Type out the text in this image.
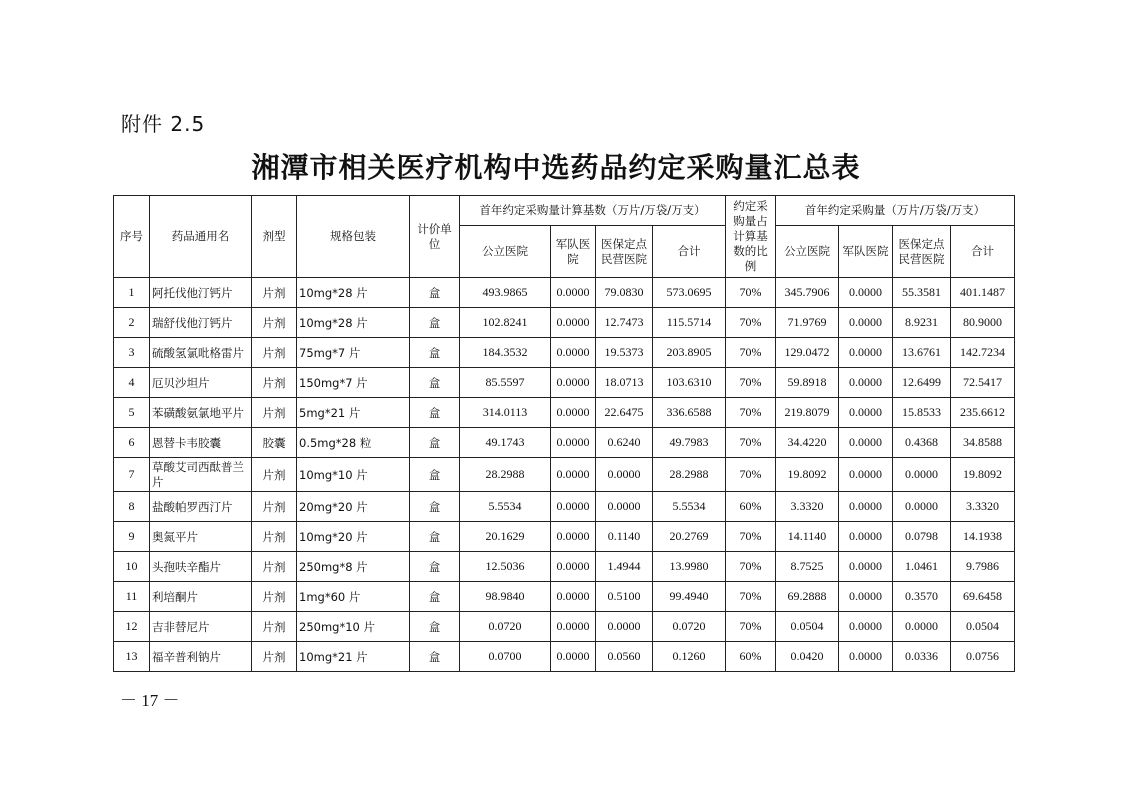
附件 2.5
湘潭市相关医疗机构中选药品约定采购量汇总表
序号	药品通用名	剂型	规格包装	计价单位	首年约定采购量计算基数（万片/万袋/万支）				约定采购量占计算基数的比例	首年约定采购量（万片/万袋/万支）			
					公立医院	军队医院	医保定点民营医院	合计		公立医院	军队医院	医保定点民营医院	合计
1	阿托伐他汀钙片	片剂	10mg*28 片	盒	493.9865	0.0000	79.0830	573.0695	70%	345.7906	0.0000	55.3581	401.1487
2	瑞舒伐他汀钙片	片剂	10mg*28 片	盒	102.8241	0.0000	12.7473	115.5714	70%	71.9769	0.0000	8.9231	80.9000
3	硫酸氢氯吡格雷片	片剂	75mg*7 片	盒	184.3532	0.0000	19.5373	203.8905	70%	129.0472	0.0000	13.6761	142.7234
4	厄贝沙坦片	片剂	150mg*7 片	盒	85.5597	0.0000	18.0713	103.6310	70%	59.8918	0.0000	12.6499	72.5417
5	苯磺酸氨氯地平片	片剂	5mg*21 片	盒	314.0113	0.0000	22.6475	336.6588	70%	219.8079	0.0000	15.8533	235.6612
6	恩替卡韦胶囊	胶囊	0.5mg*28 粒	盒	49.1743	0.0000	0.6240	49.7983	70%	34.4220	0.0000	0.4368	34.8588
7	草酸艾司西酞普兰片	片剂	10mg*10 片	盒	28.2988	0.0000	0.0000	28.2988	70%	19.8092	0.0000	0.0000	19.8092
8	盐酸帕罗西汀片	片剂	20mg*20 片	盒	5.5534	0.0000	0.0000	5.5534	60%	3.3320	0.0000	0.0000	3.3320
9	奥氮平片	片剂	10mg*20 片	盒	20.1629	0.0000	0.1140	20.2769	70%	14.1140	0.0000	0.0798	14.1938
10	头孢呋辛酯片	片剂	250mg*8 片	盒	12.5036	0.0000	1.4944	13.9980	70%	8.7525	0.0000	1.0461	9.7986
11	利培酮片	片剂	1mg*60 片	盒	98.9840	0.0000	0.5100	99.4940	70%	69.2888	0.0000	0.3570	69.6458
12	吉非替尼片	片剂	250mg*10 片	盒	0.0720	0.0000	0.0000	0.0720	70%	0.0504	0.0000	0.0000	0.0504
13	福辛普利钠片	片剂	10mg*21 片	盒	0.0700	0.0000	0.0560	0.1260	60%	0.0420	0.0000	0.0336	0.0756
－ 17 －
